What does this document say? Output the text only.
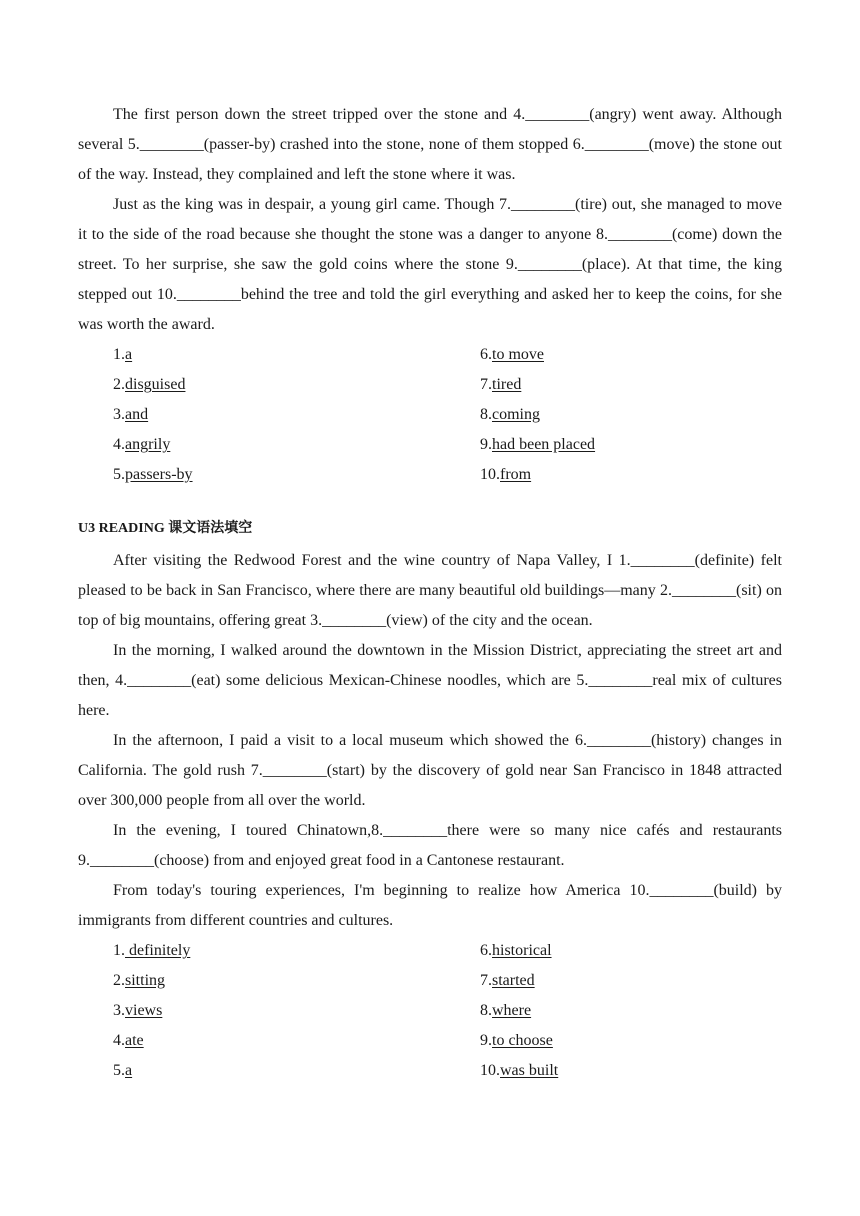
The first person down the street tripped over the stone and 4.________(angry) went away. Although several 5.________(passer-by) crashed into the stone, none of them stopped 6.________(move) the stone out of the way. Instead, they complained and left the stone where it was.

Just as the king was in despair, a young girl came. Though 7.________(tire) out, she managed to move it to the side of the road because she thought the stone was a danger to anyone 8.________(come) down the street. To her surprise, she saw the gold coins where the stone 9.________(place). At that time, the king stepped out 10.________behind the tree and told the girl everything and asked her to keep the coins, for she was worth the award.

1.a	6.to move
2.disguised	7.tired
3.and	8.coming
4.angrily	9.had been placed
5.passers-by	10.from
U3 READING 课文语法填空

After visiting the Redwood Forest and the wine country of Napa Valley, I 1.________(definite) felt pleased to be back in San Francisco, where there are many beautiful old buildings—many 2.________(sit) on top of big mountains, offering great 3.________(view) of the city and the ocean.

In the morning, I walked around the downtown in the Mission District, appreciating the street art and then, 4.________(eat) some delicious Mexican-Chinese noodles, which are 5.________real mix of cultures here.

In the afternoon, I paid a visit to a local museum which showed the 6.________(history) changes in California. The gold rush 7.________(start) by the discovery of gold near San Francisco in 1848 attracted over 300,000 people from all over the world.

In the evening, I toured Chinatown,8.________there were so many nice cafés and restaurants 9.________(choose) from and enjoyed great food in a Cantonese restaurant.

From today's touring experiences, I'm beginning to realize how America 10.________(build) by immigrants from different countries and cultures.

1. definitely	6.historical
2.sitting	7.started
3.views	8.where
4.ate	9.to choose
5.a	10.was built
